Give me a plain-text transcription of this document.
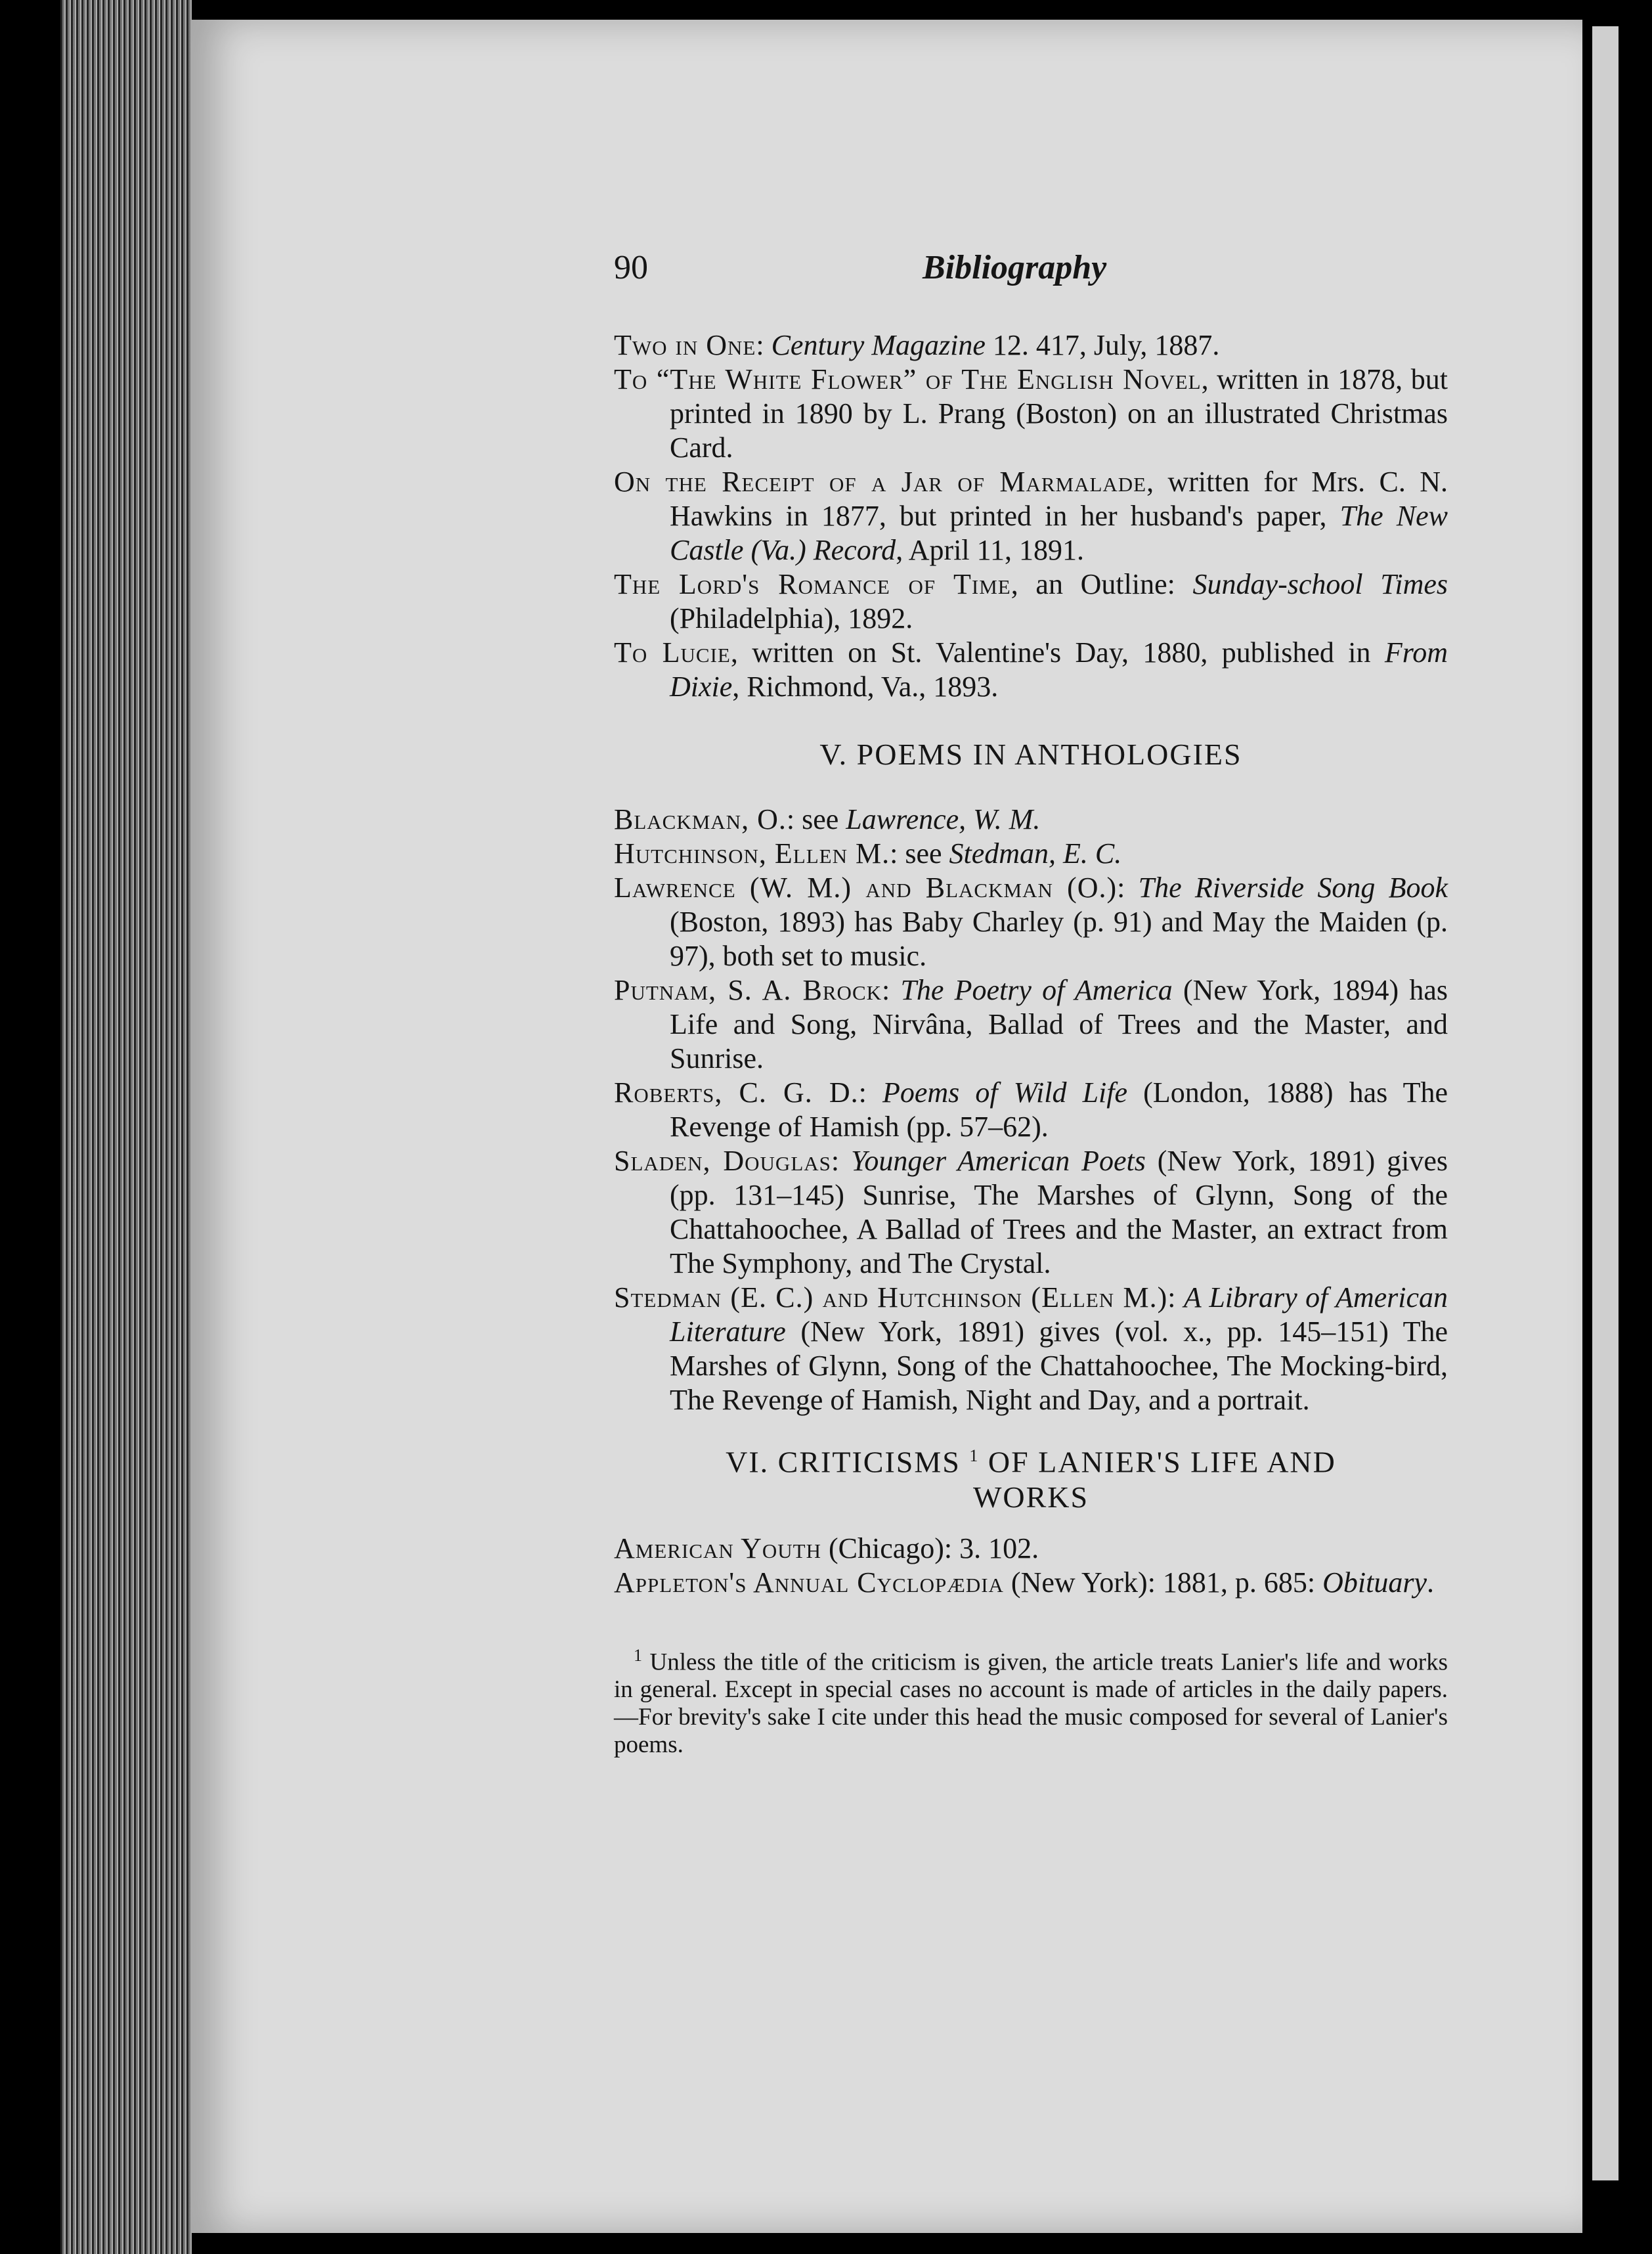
90	Bibliography

Two in One: Century Magazine 12. 417, July, 1887.

To “The White Flower” of The English Novel, written in 1878, but printed in 1890 by L. Prang (Boston) on an illustrated Christmas Card.

On the Receipt of a Jar of Marmalade, written for Mrs. C. N. Hawkins in 1877, but printed in her husband's paper, The New Castle (Va.) Record, April 11, 1891.

The Lord's Romance of Time, an Outline: Sunday-school Times (Philadelphia), 1892.

To Lucie, written on St. Valentine's Day, 1880, published in From Dixie, Richmond, Va., 1893.

V. POEMS IN ANTHOLOGIES

Blackman, O.: see Lawrence, W. M.

Hutchinson, Ellen M.: see Stedman, E. C.

Lawrence (W. M.) and Blackman (O.): The Riverside Song Book (Boston, 1893) has Baby Charley (p. 91) and May the Maiden (p. 97), both set to music.

Putnam, S. A. Brock: The Poetry of America (New York, 1894) has Life and Song, Nirvâna, Ballad of Trees and the Master, and Sunrise.

Roberts, C. G. D.: Poems of Wild Life (London, 1888) has The Revenge of Hamish (pp. 57–62).

Sladen, Douglas: Younger American Poets (New York, 1891) gives (pp. 131–145) Sunrise, The Marshes of Glynn, Song of the Chattahoochee, A Ballad of Trees and the Master, an extract from The Symphony, and The Crystal.

Stedman (E. C.) and Hutchinson (Ellen M.): A Library of American Literature (New York, 1891) gives (vol. x., pp. 145–151) The Marshes of Glynn, Song of the Chattahoochee, The Mocking-bird, The Revenge of Hamish, Night and Day, and a portrait.

VI. CRITICISMS $^1$ OF LANIER'S LIFE AND
WORKS

American Youth (Chicago): 3. 102.

Appleton's Annual Cyclopædia (New York): 1881, p. 685: Obituary.

$^1$ Unless the title of the criticism is given, the article treats Lanier's life and works in general. Except in special cases no account is made of articles in the daily papers.—For brevity's sake I cite under this head the music composed for several of Lanier's poems.
